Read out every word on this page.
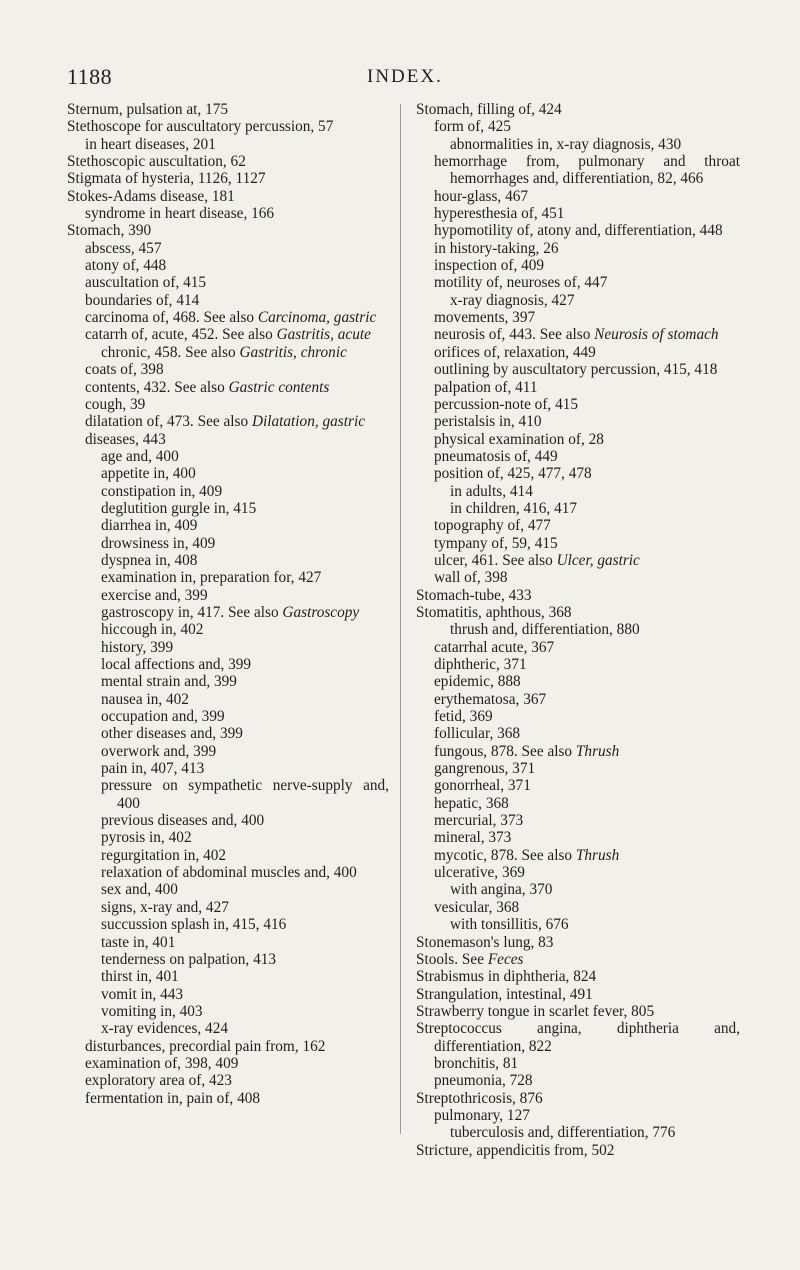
1188	INDEX.
Sternum, pulsation at, 175
Stethoscope for auscultatory percussion, 57
in heart diseases, 201
Stethoscopic auscultation, 62
Stigmata of hysteria, 1126, 1127
Stokes-Adams disease, 181
syndrome in heart disease, 166
Stomach, 390
abscess, 457
atony of, 448
auscultation of, 415
boundaries of, 414
carcinoma of, 468. See also Carcinoma, gastric
catarrh of, acute, 452. See also Gastritis, acute
chronic, 458. See also Gastritis, chronic
coats of, 398
contents, 432. See also Gastric contents
cough, 39
dilatation of, 473. See also Dilatation, gastric
diseases, 443
age and, 400
appetite in, 400
constipation in, 409
deglutition gurgle in, 415
diarrhea in, 409
drowsiness in, 409
dyspnea in, 408
examination in, preparation for, 427
exercise and, 399
gastroscopy in, 417. See also Gastroscopy
hiccough in, 402
history, 399
local affections and, 399
mental strain and, 399
nausea in, 402
occupation and, 399
other diseases and, 399
overwork and, 399
pain in, 407, 413
pressure on sympathetic nerve-supply and, 400
previous diseases and, 400
pyrosis in, 402
regurgitation in, 402
relaxation of abdominal muscles and, 400
sex and, 400
signs, x-ray and, 427
succussion splash in, 415, 416
taste in, 401
tenderness on palpation, 413
thirst in, 401
vomit in, 443
vomiting in, 403
x-ray evidences, 424
disturbances, precordial pain from, 162
examination of, 398, 409
exploratory area of, 423
fermentation in, pain of, 408
Stomach, filling of, 424
form of, 425
abnormalities in, x-ray diagnosis, 430
hemorrhage from, pulmonary and throat hemorrhages and, differentiation, 82, 466
hour-glass, 467
hyperesthesia of, 451
hypomotility of, atony and, differentiation, 448
in history-taking, 26
inspection of, 409
motility of, neuroses of, 447
x-ray diagnosis, 427
movements, 397
neurosis of, 443. See also Neurosis of stomach
orifices of, relaxation, 449
outlining by auscultatory percussion, 415, 418
palpation of, 411
percussion-note of, 415
peristalsis in, 410
physical examination of, 28
pneumatosis of, 449
position of, 425, 477, 478
in adults, 414
in children, 416, 417
topography of, 477
tympany of, 59, 415
ulcer, 461. See also Ulcer, gastric
wall of, 398
Stomach-tube, 433
Stomatitis, aphthous, 368
thrush and, differentiation, 880
catarrhal acute, 367
diphtheric, 371
epidemic, 888
erythematosa, 367
fetid, 369
follicular, 368
fungous, 878. See also Thrush
gangrenous, 371
gonorrheal, 371
hepatic, 368
mercurial, 373
mineral, 373
mycotic, 878. See also Thrush
ulcerative, 369
with angina, 370
vesicular, 368
with tonsillitis, 676
Stonemason's lung, 83
Stools. See Feces
Strabismus in diphtheria, 824
Strangulation, intestinal, 491
Strawberry tongue in scarlet fever, 805
Streptococcus angina, diphtheria and, differentiation, 822
bronchitis, 81
pneumonia, 728
Streptothricosis, 876
pulmonary, 127
tuberculosis and, differentiation, 776
Stricture, appendicitis from, 502
